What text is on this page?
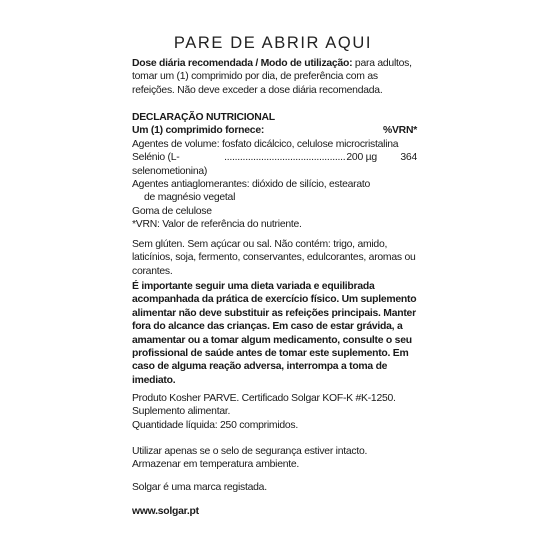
PARE DE ABRIR AQUI

Dose diária recomendada / Modo de utilização: para adultos, tomar um (1) comprimido por dia, de preferência com as refeições. Não deve exceder a dose diária recomendada.

DECLARAÇÃO NUTRICIONAL

Um (1) comprimido fornece:	%VRN*

Agentes de volume: fosfato dicálcico, celulose microcristalina

Selénio (L-selenometionina)
.............................................. 200 µg	364

Agentes antiaglomerantes: dióxido de silício, estearato

de magnésio vegetal

Goma de celulose

*VRN: Valor de referência do nutriente.

Sem glúten. Sem açúcar ou sal. Não contém: trigo, amido, laticínios, soja, fermento, conservantes, edulcorantes, aromas ou corantes.

É importante seguir uma dieta variada e equilibrada acompanhada da prática de exercício físico. Um suplemento alimentar não deve substituir as refeições principais. Manter fora do alcance das crianças. Em caso de estar grávida, a amamentar ou a tomar algum medicamento, consulte o seu profissional de saúde antes de tomar este suplemento. Em caso de alguma reação adversa, interrompa a toma de imediato.

Produto Kosher PARVE. Certificado Solgar KOF-K #K-1250.

Suplemento alimentar.

Quantidade líquida: 250 comprimidos.

Utilizar apenas se o selo de segurança estiver intacto. Armazenar em temperatura ambiente.

Solgar é uma marca registada.

www.solgar.pt
